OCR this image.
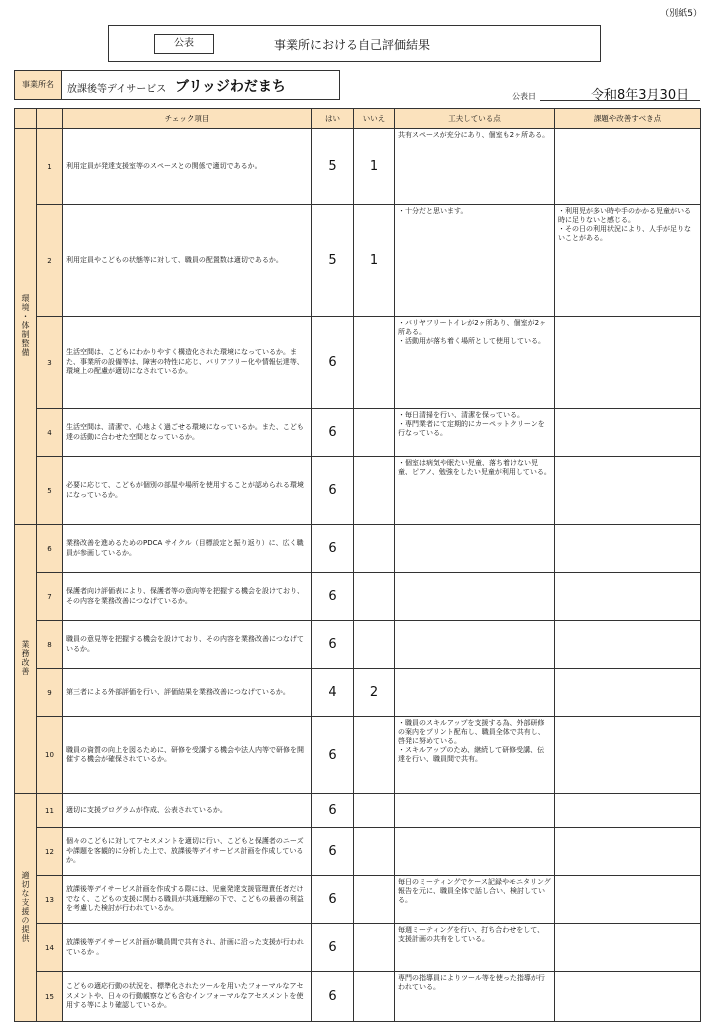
（別紙5）
公表	事業所における自己評価結果
事業所名	放課後等デイサービス ブリッジわだまち
公表日	令和8年3月30日
		チェック項目	はい	いいえ	工夫している点	課題や改善すべき点
環境・体制整備	1	利用定員が発達支援室等のスペースとの関係で適切であるか。	5	1	共有スペースが充分にあり、個室も2ヶ所ある。	

	2	利用定員やこどもの状態等に対して、職員の配置数は適切であるか。	5	1	・十分だと思います。	・利用児が多い時や手のかかる児童がいる時に足りないと感じる。
・その日の利用状況により、人手が足りないことがある。

	3	生活空間は、こどもにわかりやすく構造化された環境になっているか。また、事業所の設備等は、障害の特性に応じ、バリアフリー化や情報伝達等、環境上の配慮が適切になされているか。	6		・バリヤフリートイレが2ヶ所あり、個室が2ヶ所ある。
・活動用が落ち着く場所として使用している。	

	4	生活空間は、清潔で、心地よく過ごせる環境になっているか。また、こども達の活動に合わせた空間となっているか。	6		・毎日清掃を行い、清潔を保っている。
・専門業者にて定期的にカーペットクリーンを行なっている。	

	5	必要に応じて、こどもが個別の部屋や場所を使用することが認められる環境になっているか。	6		・個室は病気や眠たい児童、落ち着けない児童、ピアノ、勉強をしたい児童が利用している。	

業務改善	6	業務改善を進めるためのPDCA サイクル（目標設定と振り返り）に、広く職員が参画しているか。	6			
	7	保護者向け評価表により、保護者等の意向等を把握する機会を設けており、その内容を業務改善につなげているか。	6			
	8	職員の意見等を把握する機会を設けており、その内容を業務改善につなげているか。	6			
	9	第三者による外部評価を行い、評価結果を業務改善につなげているか。	4	2		
	10	職員の資質の向上を図るために、研修を受講する機会や法人内等で研修を開催する機会が確保されているか。	6		・職員のスキルアップを支援する為、外部研修の案内をプリント配布し、職員全体で共有し、啓発に努めている。
・スキルアップのため、継続して研修受講、伝達を行い、職員間で共有。	

適切な支援の提供	11	適切に支援プログラムが作成、公表されているか。	6			
	12	個々のこどもに対してアセスメントを適切に行い、こどもと保護者のニーズや課題を客観的に分析した上で、放課後等デイサービス計画を作成しているか。	6			
	13	放課後等デイサービス計画を作成する際には、児童発達支援管理責任者だけでなく、こどもの支援に関わる職員が共通理解の下で、こどもの最善の利益を考慮した検討が行われているか。	6		毎日のミーティングでケース記録やモニタリング報告を元に、職員全体で話し合い、検討している。	

	14	放課後等デイサービス計画が職員間で共有され、計画に沿った支援が行われているか 。	6		毎週ミーティングを行い、打ち合わせをして、支援計画の共有をしている。	

	15	こどもの適応行動の状況を、標準化されたツールを用いたフォーマルなアセスメントや、日々の行動観察なども含むインフォーマルなアセスメントを使用する等により確認しているか。	6		専門の指導員によりツール等を使った指導が行われている。	
